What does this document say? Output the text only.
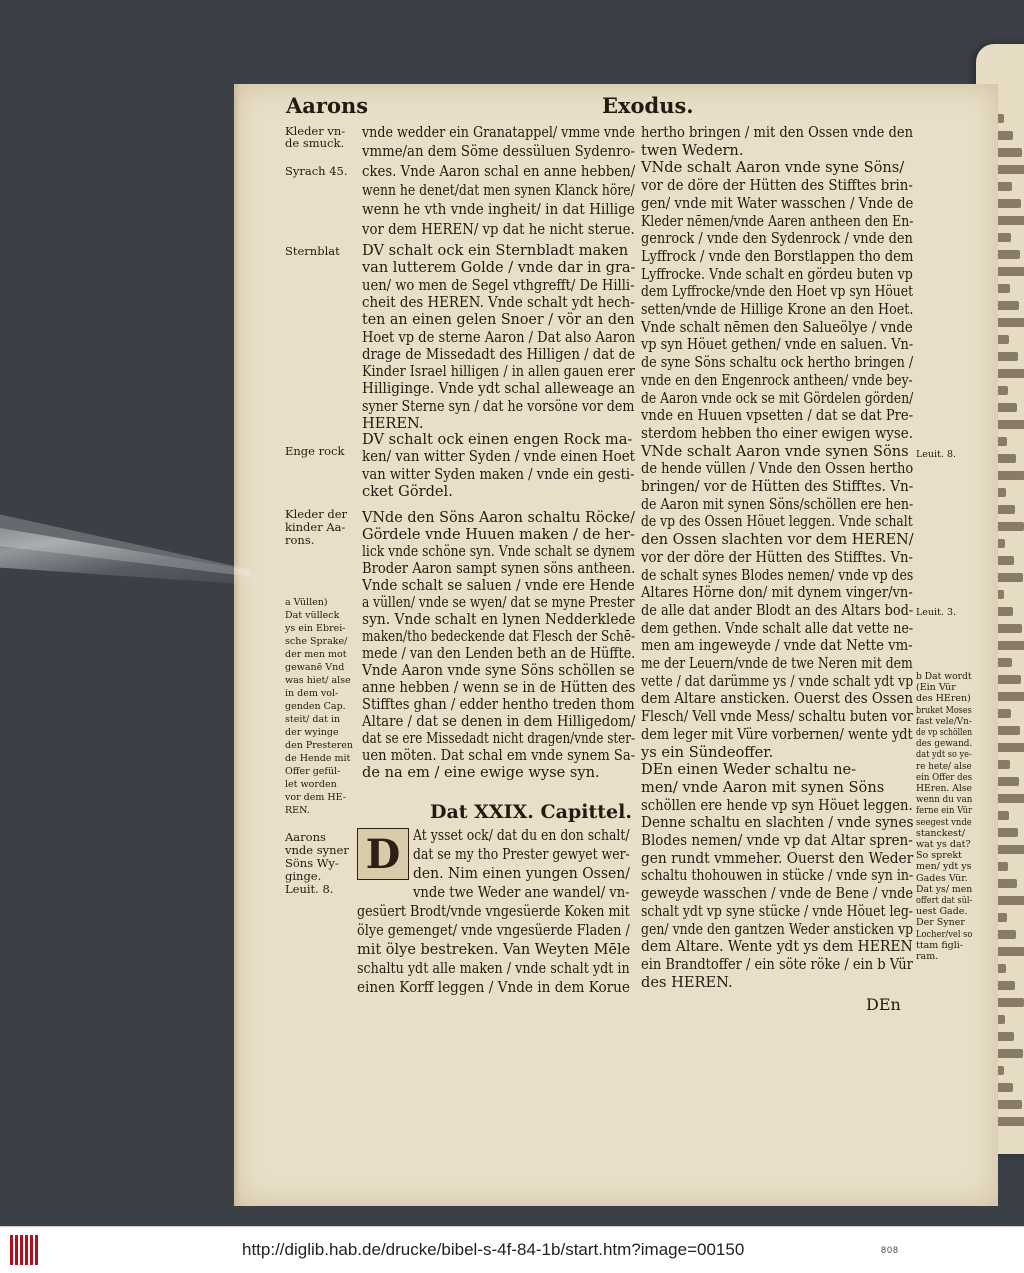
Aarons	Exodus.
Kleder vn-
de smuck.
Syrach 45.
Sternblat
Enge rock
Kleder der
kinder Aa-
rons.
a Vüllen)
Dat vülleck
ys ein Ebrei-
sche Sprake/
der men mot
gewanē Vnd
was hiet/ alse
in dem vol-
genden Cap.
steit/ dat in
der wyinge
den Presteren
de Hende mit
Offer gefül-
let worden
vor dem HE-
REN.
Aarons
vnde syner
Söns Wy-
ginge.
Leuit. 8.
vnde wedder ein Granatappel/ vmme vnde
vmme/an dem Söme dessüluen Sydenro-
ckes. Vnde Aaron schal en anne hebben/
wenn he denet/dat men synen Klanck höre/
wenn he vth vnde ingheit/ in dat Hillige
vor dem HEREN/ vp dat he nicht sterue.
DV schalt ock ein Sternbladt maken
van lutterem Golde / vnde dar in gra-
uen/ wo men de Segel vthgrefft/ De Hilli-
cheit des HEREN. Vnde schalt ydt hech-
ten an einen gelen Snoer / vör an den
Hoet vp de sterne Aaron / Dat also Aaron
drage de Missedadt des Hilligen / dat de
Kinder Israel hilligen / in allen gauen erer
Hilliginge. Vnde ydt schal alleweage an
syner Sterne syn / dat he vorsöne vor dem
HEREN.
DV schalt ock einen engen Rock ma-
ken/ van witter Syden / vnde einen Hoet
van witter Syden maken / vnde ein gesti-
cket Gördel.
VNde den Söns Aaron schaltu Röcke/
Gördele vnde Huuen maken / de her-
lick vnde schöne syn. Vnde schalt se dynem
Broder Aaron sampt synen söns antheen.
Vnde schalt se saluen / vnde ere Hende
a vüllen/ vnde se wyen/ dat se myne Prester
syn. Vnde schalt en lynen Nedderklede
maken/tho bedeckende dat Flesch der Schē-
mede / van den Lenden beth an de Hüffte.
Vnde Aaron vnde syne Söns schöllen se
anne hebben / wenn se in de Hütten des
Stifftes ghan / edder hentho treden thom
Altare / dat se denen in dem Hilligedom/
dat se ere Missedadt nicht dragen/vnde ster-
uen möten. Dat schal em vnde synem Sa-
de na em / eine ewige wyse syn.
Dat XXIX. Capittel.
D At ysset ock/ dat du en don schalt/
dat se my tho Prester gewyet wer-
den. Nim einen yungen Ossen/
vnde twe Weder ane wandel/ vn-
gesüert Brodt/vnde vngesüerde Koken mit
ölye gemenget/ vnde vngesüerde Fladen /
mit ölye bestreken. Van Weyten Mēle
schaltu ydt alle maken / vnde schalt ydt in
einen Korff leggen / Vnde in dem Korue
hertho bringen / mit den Ossen vnde den
twen Wedern.
VNde schalt Aaron vnde syne Söns/
vor de döre der Hütten des Stifftes brin-
gen/ vnde mit Water wasschen / Vnde de
Kleder nēmen/vnde Aaren antheen den En-
genrock / vnde den Sydenrock / vnde den
Lyffrock / vnde den Borstlappen tho dem
Lyffrocke. Vnde schalt en gördeu buten vp
dem Lyffrocke/vnde den Hoet vp syn Höuet
setten/vnde de Hillige Krone an den Hoet.
Vnde schalt nēmen den Salueölye / vnde
vp syn Höuet gethen/ vnde en saluen. Vn-
de syne Söns schaltu ock hertho bringen /
vnde en den Engenrock antheen/ vnde bey-
de Aaron vnde ock se mit Gördelen görden/
vnde en Huuen vpsetten / dat se dat Pre-
sterdom hebben tho einer ewigen wyse.
VNde schalt Aaron vnde synen Söns
de hende vüllen / Vnde den Ossen hertho
bringen/ vor de Hütten des Stifftes. Vn-
de Aaron mit synen Söns/schöllen ere hen-
de vp des Ossen Höuet leggen. Vnde schalt
den Ossen slachten vor dem HEREN/
vor der döre der Hütten des Stifftes. Vn-
de schalt synes Blodes nemen/ vnde vp des
Altares Hörne don/ mit dynem vinger/vn-
de alle dat ander Blodt an des Altars bod-
dem gethen. Vnde schalt alle dat vette ne-
men am ingeweyde / vnde dat Nette vm-
me der Leuern/vnde de twe Neren mit dem
vette / dat darümme ys / vnde schalt ydt vp
dem Altare ansticken. Ouerst des Ossen
Flesch/ Vell vnde Mess/ schaltu buten vor
dem leger mit Vüre vorbernen/ wente ydt
ys ein Sündeoffer.
DEn einen Weder schaltu ne-
men/ vnde Aaron mit synen Söns
schöllen ere hende vp syn Höuet leggen.
Denne schaltu en slachten / vnde synes
Blodes nemen/ vnde vp dat Altar spren-
gen rundt vmmeher. Ouerst den Weder
schaltu thohouwen in stücke / vnde syn in-
geweyde wasschen / vnde de Bene / vnde
schalt ydt vp syne stücke / vnde Höuet leg-
gen/ vnde den gantzen Weder ansticken vp
dem Altare. Wente ydt ys dem HEREN
ein Brandtoffer / ein söte röke / ein b Vür
des HEREN.
Leuit. 8.
Leuit. 3.
b Dat wordt
(Ein Vür
des HEren)
bruket Moses
fast vele/Vn-
de vp schöllen
des gewand.
dat ydt so ye-
re hete/ alse
ein Offer des
HEren. Alse
wenn du van
ferne ein Vür
seegest vnde
stanckest/
wat ys dat?
So sprekt
men/ ydt ys
Gades Vür.
Dat ys/ men
offert dat sül-
uest Gade.
Der Syner
Locher/vel so
ttam figli-
ram.
DEn
http://diglib.hab.de/drucke/bibel-s-4f-84-1b/start.htm?image=00150	808
